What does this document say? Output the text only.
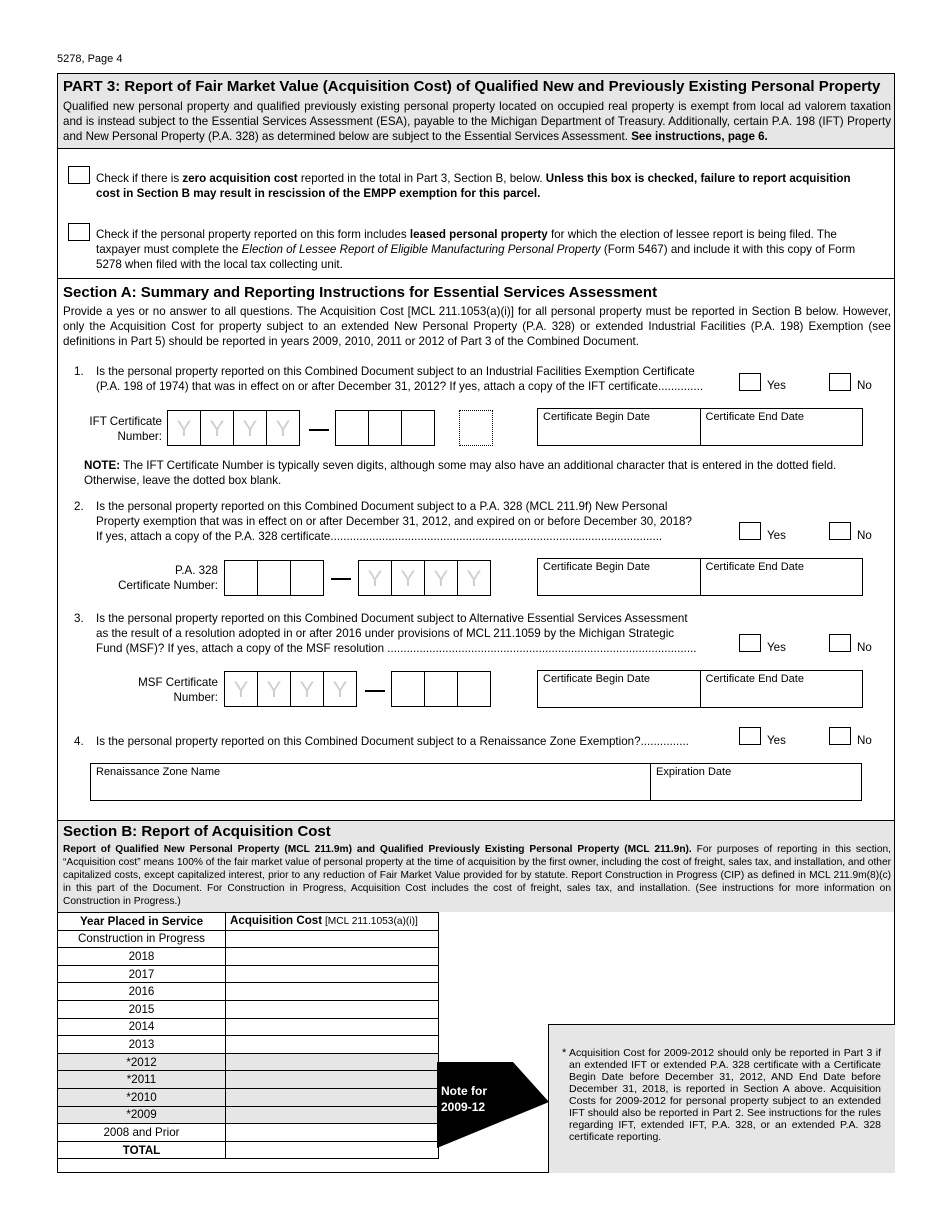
5278, Page 4
PART 3: Report of Fair Market Value (Acquisition Cost) of Qualified New and Previously Existing Personal Property
Qualified new personal property and qualified previously existing personal property located on occupied real property is exempt from local ad valorem taxation and is instead subject to the Essential Services Assessment (ESA), payable to the Michigan Department of Treasury. Additionally, certain P.A. 198 (IFT) Property and New Personal Property (P.A. 328) as determined below are subject to the Essential Services Assessment. See instructions, page 6.
Check if there is zero acquisition cost reported in the total in Part 3, Section B, below. Unless this box is checked, failure to report acquisition cost in Section B may result in rescission of the EMPP exemption for this parcel.
Check if the personal property reported on this form includes leased personal property for which the election of lessee report is being filed. The taxpayer must complete the Election of Lessee Report of Eligible Manufacturing Personal Property (Form 5467) and include it with this copy of Form 5278 when filed with the local tax collecting unit.
Section A: Summary and Reporting Instructions for Essential Services Assessment
Provide a yes or no answer to all questions. The Acquisition Cost [MCL 211.1053(a)(i)] for all personal property must be reported in Section B below. However, only the Acquisition Cost for property subject to an extended New Personal Property (P.A. 328) or extended Industrial Facilities (P.A. 198) Exemption (see definitions in Part 5) should be reported in years 2009, 2010, 2011 or 2012 of Part 3 of the Combined Document.
1. Is the personal property reported on this Combined Document subject to an Industrial Facilities Exemption Certificate
(P.A. 198 of 1974) that was in effect on or after December 31, 2012? If yes, attach a copy of the IFT certificate..............	Yes	No
IFT Certificate
Number: Y Y Y Y	Certificate Begin Date	Certificate End Date
NOTE: The IFT Certificate Number is typically seven digits, although some may also have an additional character that is entered in the dotted field. Otherwise, leave the dotted box blank.
2. Is the personal property reported on this Combined Document subject to a P.A. 328 (MCL 211.9f) New Personal
Property exemption that was in effect on or after December 31, 2012, and expired on or before December 30, 2018?
If yes, attach a copy of the P.A. 328 certificate.......................................................................................................	Yes	No
P.A. 328
Certificate Number:	Y Y Y Y	Certificate Begin Date	Certificate End Date
3. Is the personal property reported on this Combined Document subject to Alternative Essential Services Assessment
as the result of a resolution adopted in or after 2016 under provisions of MCL 211.1059 by the Michigan Strategic
Fund (MSF)? If yes, attach a copy of the MSF resolution ................................................................................................	Yes	No
MSF Certificate
Number: Y Y Y Y	Certificate Begin Date	Certificate End Date
4. Is the personal property reported on this Combined Document subject to a Renaissance Zone Exemption?...............	Yes	No
Renaissance Zone Name	Expiration Date
Section B: Report of Acquisition Cost
Report of Qualified New Personal Property (MCL 211.9m) and Qualified Previously Existing Personal Property (MCL 211.9n). For purposes of reporting in this section, “Acquisition cost” means 100% of the fair market value of personal property at the time of acquisition by the first owner, including the cost of freight, sales tax, and installation, and other capitalized costs, except capitalized interest, prior to any reduction of Fair Market Value provided for by statute. Report Construction in Progress (CIP) as defined in MCL 211.9m(8)(c) in this part of the Document. For Construction in Progress, Acquisition Cost includes the cost of freight, sales tax, and installation. (See instructions for more information on Construction in Progress.)
Year Placed in Service	Acquisition Cost [MCL 211.1053(a)(i)]
Construction in Progress	
2018	
2017	
2016	
2015	
2014	
2013	
*2012	
*2011	
*2010	
*2009	
2008 and Prior	
TOTAL	
Note for
2009-12
* Acquisition Cost for 2009-2012 should only be reported in Part 3 if an extended IFT or extended P.A. 328 certificate with a Certificate Begin Date before December 31, 2012, AND End Date before December 31, 2018, is reported in Section A above. Acquisition Costs for 2009-2012 for personal property subject to an extended IFT should also be reported in Part 2. See instructions for the rules regarding IFT, extended IFT, P.A. 328, or an extended P.A. 328 certificate reporting.
